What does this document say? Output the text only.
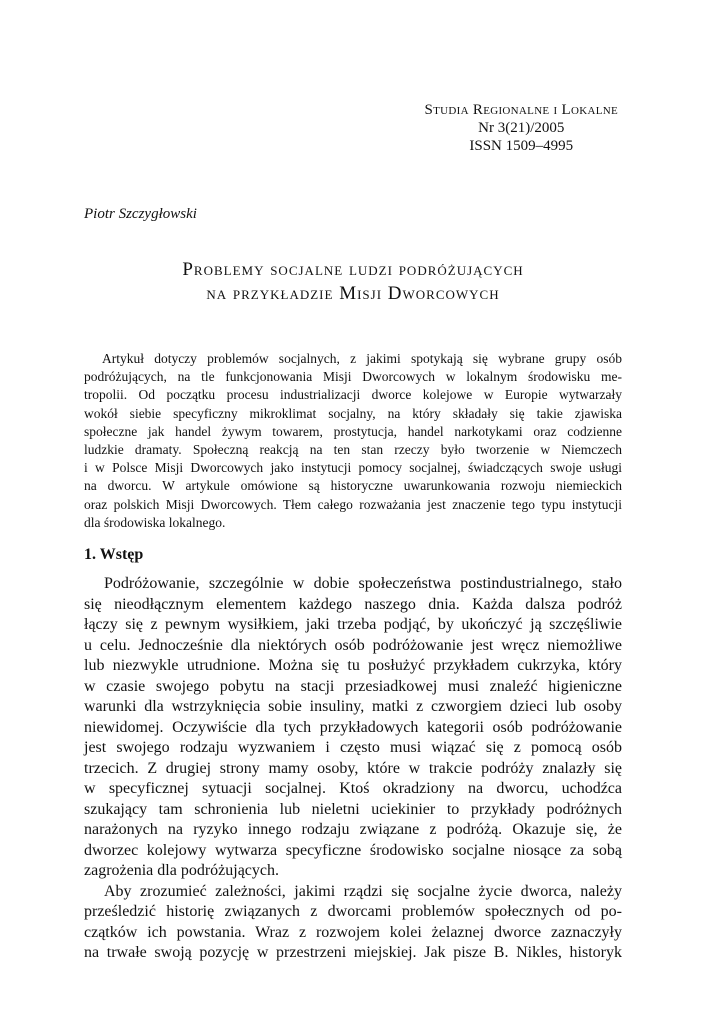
Studia Regionalne i Lokalne
Nr 3(21)/2005
ISSN 1509–4995
Piotr Szczygłowski
Problemy socjalne ludzi podróżujących
na przykładzie Misji Dworcowych
Artykuł dotyczy problemów socjalnych, z jakimi spotykają się wybrane grupy osób
podróżujących, na tle funkcjonowania Misji Dworcowych w lokalnym środowisku me-
tropolii. Od początku procesu industrializacji dworce kolejowe w Europie wytwarzały
wokół siebie specyficzny mikroklimat socjalny, na który składały się takie zjawiska
społeczne jak handel żywym towarem, prostytucja, handel narkotykami oraz codzienne
ludzkie dramaty. Społeczną reakcją na ten stan rzeczy było tworzenie w Niemczech
i w Polsce Misji Dworcowych jako instytucji pomocy socjalnej, świadczących swoje usługi
na dworcu. W artykule omówione są historyczne uwarunkowania rozwoju niemieckich
oraz polskich Misji Dworcowych. Tłem całego rozważania jest znaczenie tego typu instytucji
dla środowiska lokalnego.
1. Wstęp
Podróżowanie, szczególnie w dobie społeczeństwa postindustrialnego, stało
się nieodłącznym elementem każdego naszego dnia. Każda dalsza podróż
łączy się z pewnym wysiłkiem, jaki trzeba podjąć, by ukończyć ją szczęśliwie
u celu. Jednocześnie dla niektórych osób podróżowanie jest wręcz niemożliwe
lub niezwykle utrudnione. Można się tu posłużyć przykładem cukrzyka, który
w czasie swojego pobytu na stacji przesiadkowej musi znaleźć higieniczne
warunki dla wstrzyknięcia sobie insuliny, matki z czworgiem dzieci lub osoby
niewidomej. Oczywiście dla tych przykładowych kategorii osób podróżowanie
jest swojego rodzaju wyzwaniem i często musi wiązać się z pomocą osób
trzecich. Z drugiej strony mamy osoby, które w trakcie podróży znalazły się
w specyficznej sytuacji socjalnej. Ktoś okradziony na dworcu, uchodźca
szukający tam schronienia lub nieletni uciekinier to przykłady podróżnych
narażonych na ryzyko innego rodzaju związane z podróżą. Okazuje się, że
dworzec kolejowy wytwarza specyficzne środowisko socjalne niosące za sobą
zagrożenia dla podróżujących.
Aby zrozumieć zależności, jakimi rządzi się socjalne życie dworca, należy
prześledzić historię związanych z dworcami problemów społecznych od po-
czątków ich powstania. Wraz z rozwojem kolei żelaznej dworce zaznaczyły
na trwałe swoją pozycję w przestrzeni miejskiej. Jak pisze B. Nikles, historyk
